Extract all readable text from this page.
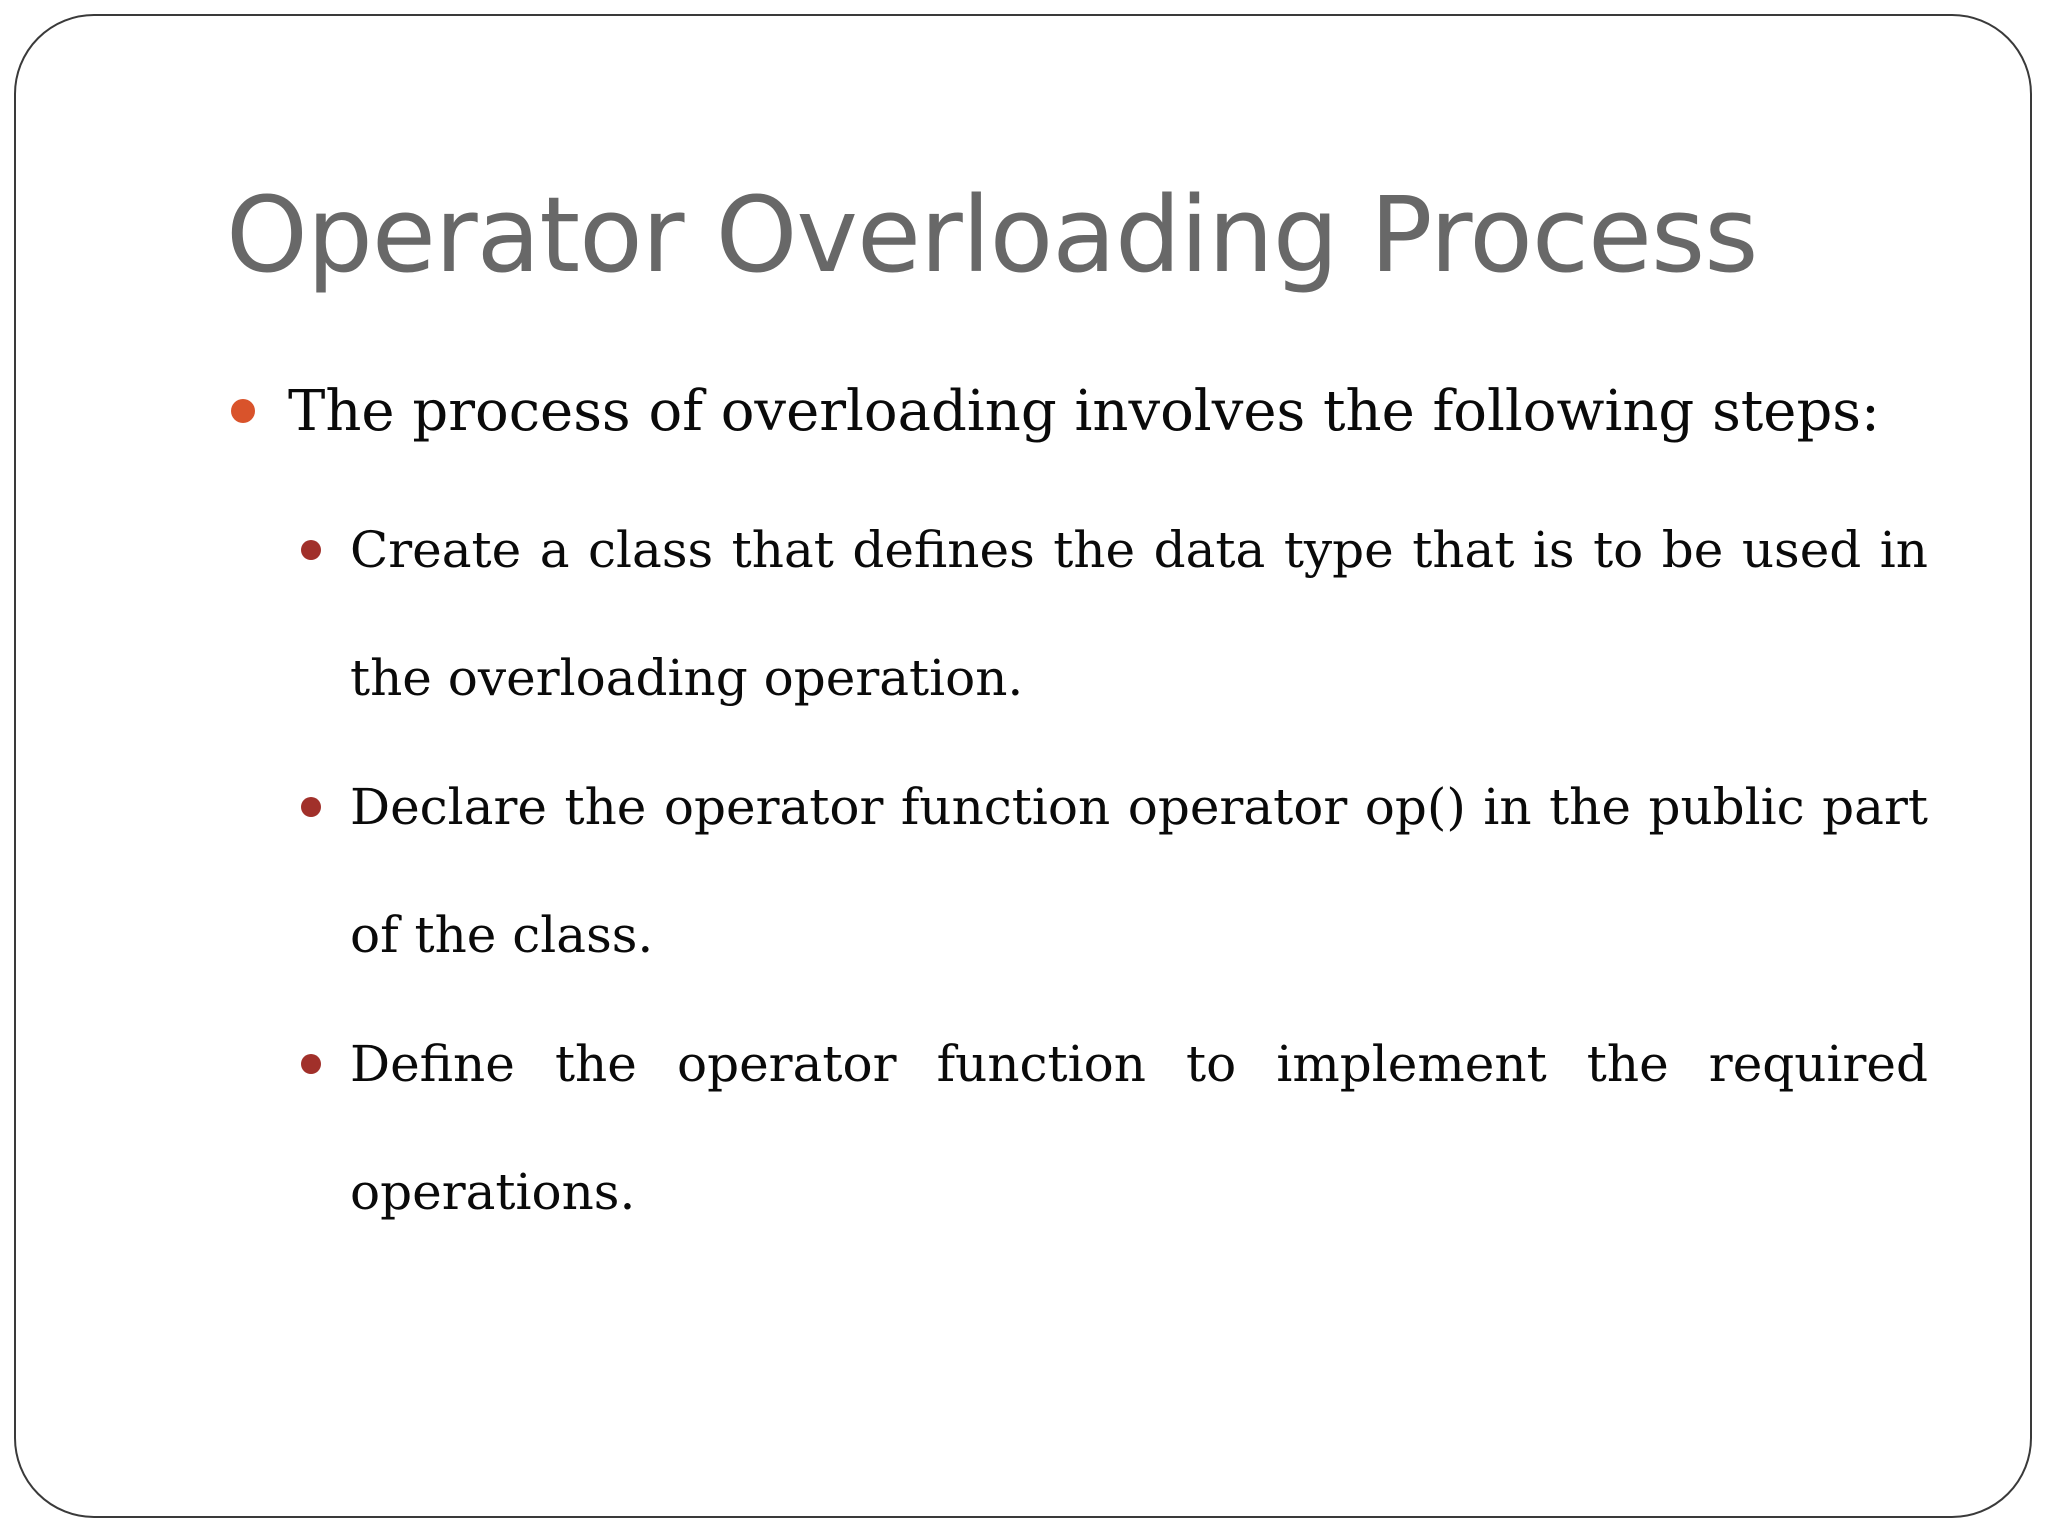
Operator Overloading Process
The process of overloading involves the following steps:
Create a class that defines the data type that is to be used in the overloading operation.
Declare the operator function operator op() in the public part of the class.
Define the operator function to implement the required operations.
